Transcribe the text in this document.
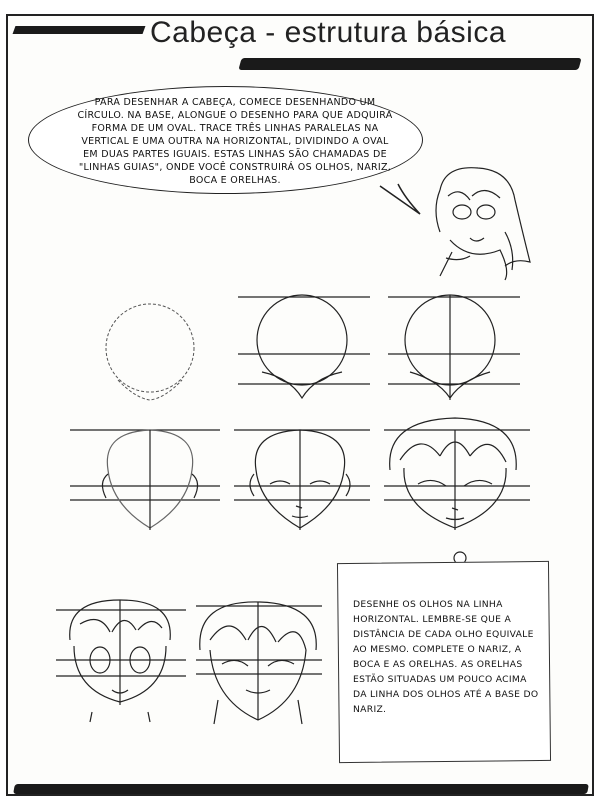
Cabeça - estrutura básica
PARA DESENHAR A CABEÇA, COMECE DESENHANDO UM CÍRCULO. NA BASE, ALONGUE O DESENHO PARA QUE ADQUIRA FORMA DE UM OVAL. TRACE TRÊS LINHAS PARALELAS NA VERTICAL E UMA OUTRA NA HORIZONTAL, DIVIDINDO A OVAL EM DUAS PARTES IGUAIS. ESTAS LINHAS SÃO CHAMADAS DE "LINHAS GUIAS", ONDE VOCÊ CONSTRUIRÁ OS OLHOS, NARIZ, BOCA E ORELHAS.
DESENHE OS OLHOS NA LINHA HORIZONTAL. LEMBRE-SE QUE A DISTÂNCIA DE CADA OLHO EQUIVALE AO MESMO. COMPLETE O NARIZ, A BOCA E AS ORELHAS. AS ORELHAS ESTÃO SITUADAS UM POUCO ACIMA DA LINHA DOS OLHOS ATÉ A BASE DO NARIZ.
